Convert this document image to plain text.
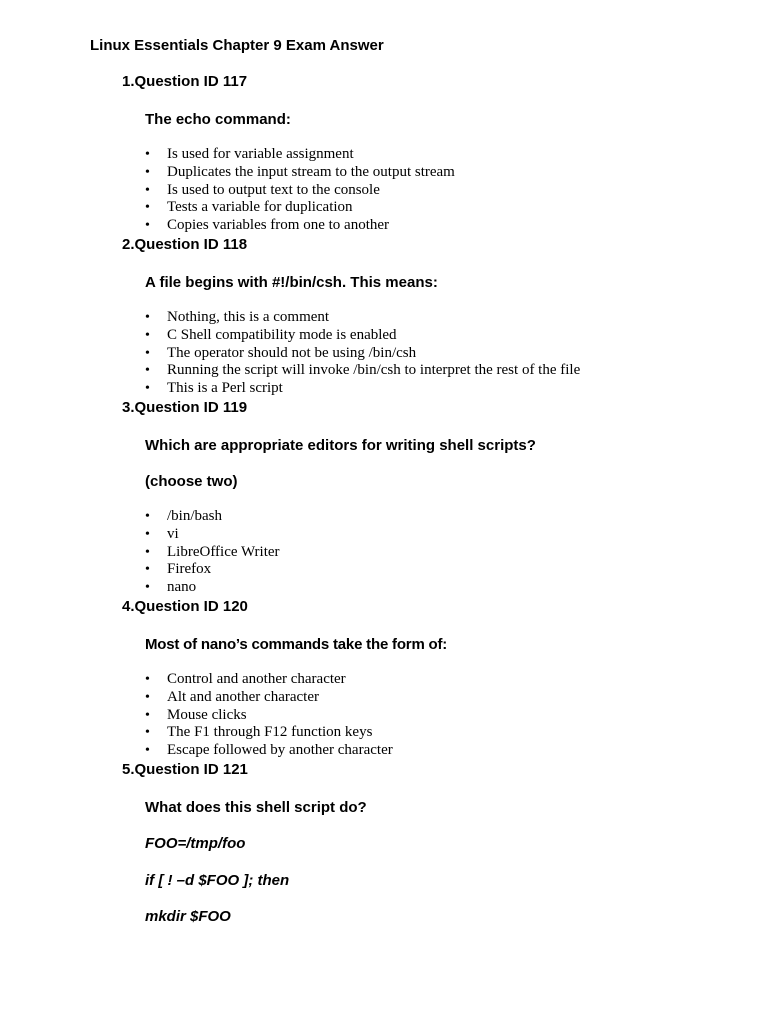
Linux Essentials Chapter 9 Exam Answer
1.Question ID 117
The echo command:
• Is used for variable assignment
• Duplicates the input stream to the output stream
• Is used to output text to the console
• Tests a variable for duplication
• Copies variables from one to another
2.Question ID 118
A file begins with #!/bin/csh. This means:
• Nothing, this is a comment
• C Shell compatibility mode is enabled
• The operator should not be using /bin/csh
• Running the script will invoke /bin/csh to interpret the rest of the file
• This is a Perl script
3.Question ID 119
Which are appropriate editors for writing shell scripts?
(choose two)
• /bin/bash
• vi
• LibreOffice Writer
• Firefox
• nano
4.Question ID 120
Most of nano’s commands take the form of:
• Control and another character
• Alt and another character
• Mouse clicks
• The F1 through F12 function keys
• Escape followed by another character
5.Question ID 121
What does this shell script do?
FOO=/tmp/foo
if [ ! –d $FOO ]; then
mkdir $FOO
